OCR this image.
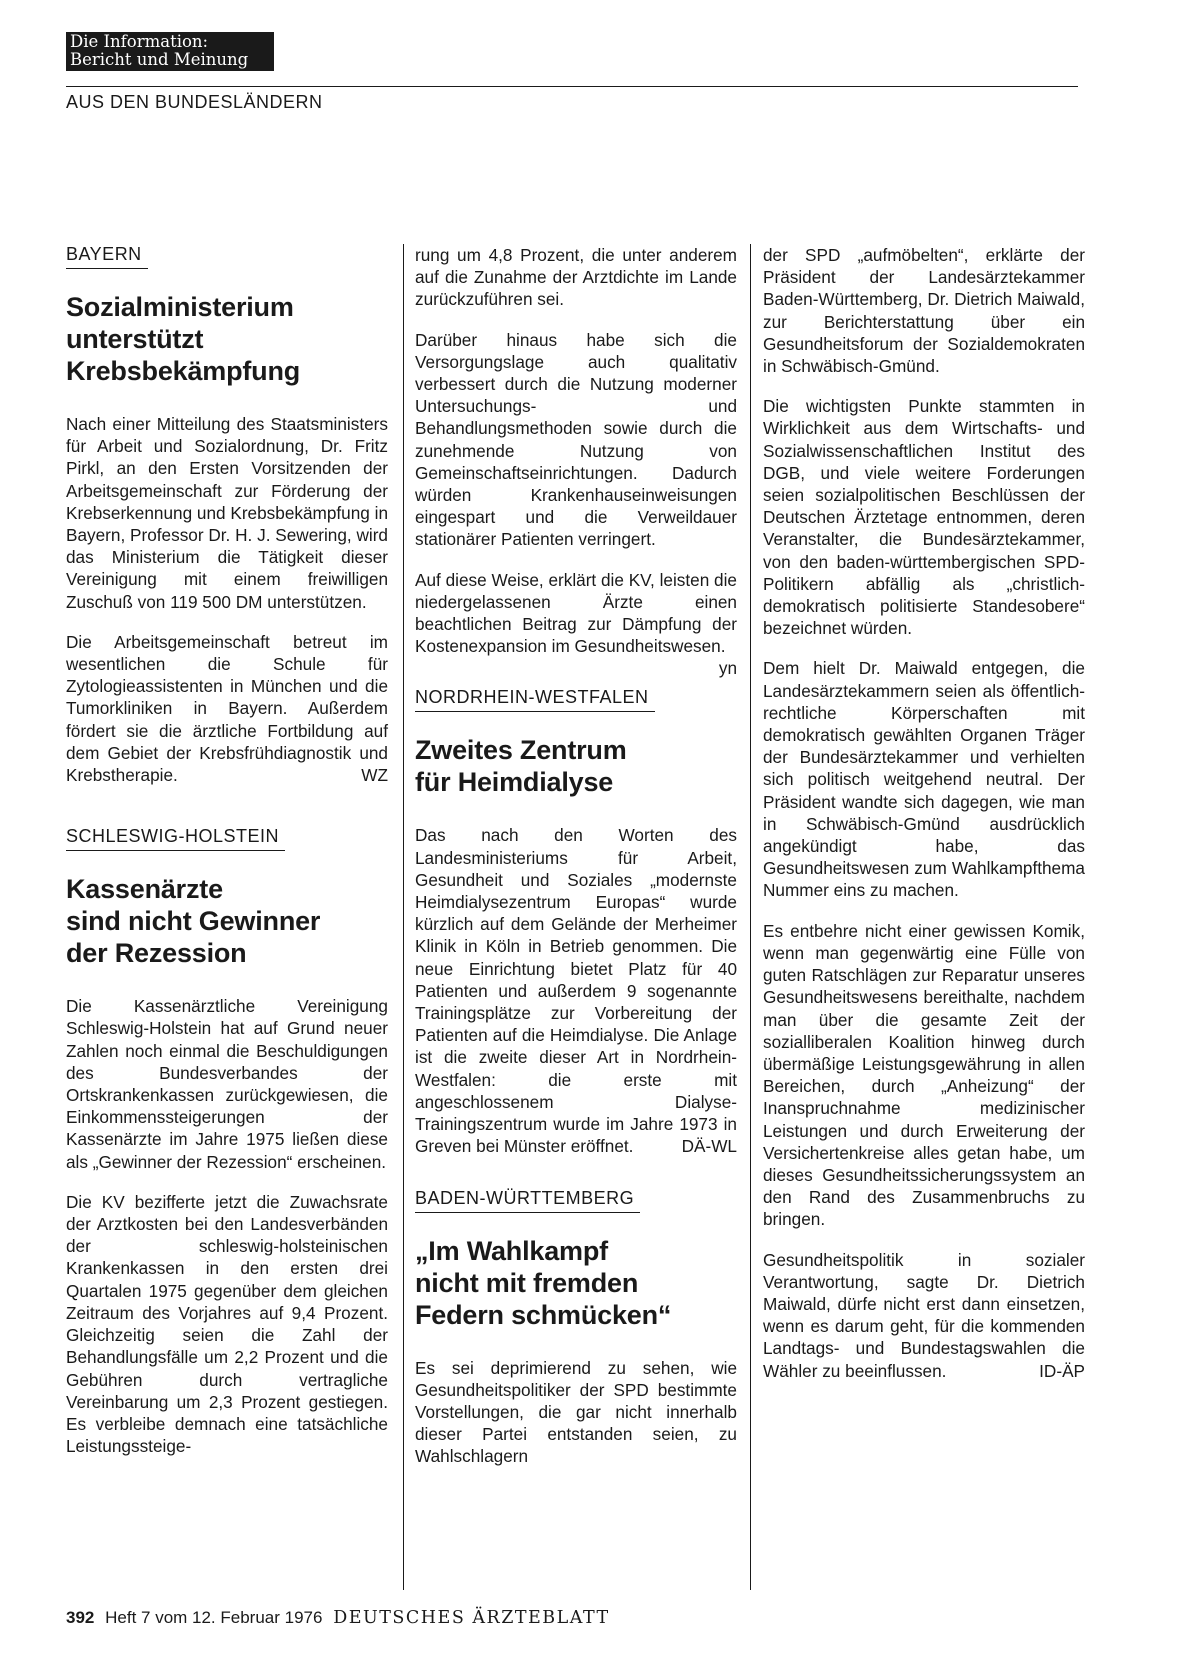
Die Information:
Bericht und Meinung
AUS DEN BUNDESLÄNDERN
BAYERN
Sozialministerium
unterstützt
Krebsbekämpfung

Nach einer Mitteilung des Staatsministers für Arbeit und Sozialordnung, Dr. Fritz Pirkl, an den Ersten Vorsitzenden der Arbeitsgemeinschaft zur Förderung der Krebserkennung und Krebsbekämpfung in Bayern, Professor Dr. H. J. Sewering, wird das Ministerium die Tätigkeit dieser Vereinigung mit einem freiwilligen Zuschuß von 119 500 DM unterstützen.

Die Arbeitsgemeinschaft betreut im wesentlichen die Schule für Zytologieassistenten in München und die Tumorkliniken in Bayern. Außerdem fördert sie die ärztliche Fortbildung auf dem Gebiet der Krebsfrühdiagnostik und Krebstherapie.	WZ

SCHLESWIG-HOLSTEIN
Kassenärzte
sind nicht Gewinner
der Rezession

Die Kassenärztliche Vereinigung Schleswig-Holstein hat auf Grund neuer Zahlen noch einmal die Beschuldigungen des Bundesverbandes der Ortskrankenkassen zurückgewiesen, die Einkommenssteigerungen der Kassenärzte im Jahre 1975 ließen diese als „Gewinner der Rezession“ erscheinen.

Die KV bezifferte jetzt die Zuwachsrate der Arztkosten bei den Landesverbänden der schleswig-holsteinischen Krankenkassen in den ersten drei Quartalen 1975 gegenüber dem gleichen Zeitraum des Vorjahres auf 9,4 Prozent. Gleichzeitig seien die Zahl der Behandlungsfälle um 2,2 Prozent und die Gebühren durch vertragliche Vereinbarung um 2,3 Prozent gestiegen. Es verbleibe demnach eine tatsächliche Leistungssteige-

rung um 4,8 Prozent, die unter anderem auf die Zunahme der Arztdichte im Lande zurückzuführen sei.

Darüber hinaus habe sich die Versorgungslage auch qualitativ verbessert durch die Nutzung moderner Untersuchungs- und Behandlungsmethoden sowie durch die zunehmende Nutzung von Gemeinschaftseinrichtungen. Dadurch würden Krankenhauseinweisungen eingespart und die Verweildauer stationärer Patienten verringert.

Auf diese Weise, erklärt die KV, leisten die niedergelassenen Ärzte einen beachtlichen Beitrag zur Dämpfung der Kostenexpansion im Gesundheitswesen.
yn

NORDRHEIN-WESTFALEN
Zweites Zentrum
für Heimdialyse

Das nach den Worten des Landesministeriums für Arbeit, Gesundheit und Soziales „modernste Heimdialysezentrum Europas“ wurde kürzlich auf dem Gelände der Merheimer Klinik in Köln in Betrieb genommen. Die neue Einrichtung bietet Platz für 40 Patienten und außerdem 9 sogenannte Trainingsplätze zur Vorbereitung der Patienten auf die Heimdialyse. Die Anlage ist die zweite dieser Art in Nordrhein-Westfalen: die erste mit angeschlossenem Dialyse-Trainingszentrum wurde im Jahre 1973 in Greven bei Münster eröffnet.	DÄ-WL

BADEN-WÜRTTEMBERG
„Im Wahlkampf
nicht mit fremden
Federn schmücken“

Es sei deprimierend zu sehen, wie Gesundheitspolitiker der SPD bestimmte Vorstellungen, die gar nicht innerhalb dieser Partei entstanden seien, zu Wahlschlagern

der SPD „aufmöbelten“, erklärte der Präsident der Landesärztekammer Baden-Württemberg, Dr. Dietrich Maiwald, zur Berichterstattung über ein Gesundheitsforum der Sozialdemokraten in Schwäbisch-Gmünd.

Die wichtigsten Punkte stammten in Wirklichkeit aus dem Wirtschafts- und Sozialwissenschaftlichen Institut des DGB, und viele weitere Forderungen seien sozialpolitischen Beschlüssen der Deutschen Ärztetage entnommen, deren Veranstalter, die Bundesärztekammer, von den baden-württembergischen SPD-Politikern abfällig als „christlich-demokratisch politisierte Standesobere“ bezeichnet würden.

Dem hielt Dr. Maiwald entgegen, die Landesärztekammern seien als öffentlich-rechtliche Körperschaften mit demokratisch gewählten Organen Träger der Bundesärztekammer und verhielten sich politisch weitgehend neutral. Der Präsident wandte sich dagegen, wie man in Schwäbisch-Gmünd ausdrücklich angekündigt habe, das Gesundheitswesen zum Wahlkampfthema Nummer eins zu machen.

Es entbehre nicht einer gewissen Komik, wenn man gegenwärtig eine Fülle von guten Ratschlägen zur Reparatur unseres Gesundheitswesens bereithalte, nachdem man über die gesamte Zeit der sozialliberalen Koalition hinweg durch übermäßige Leistungsgewährung in allen Bereichen, durch „Anheizung“ der Inanspruchnahme medizinischer Leistungen und durch Erweiterung der Versichertenkreise alles getan habe, um dieses Gesundheitssicherungssystem an den Rand des Zusammenbruchs zu bringen.

Gesundheitspolitik in sozialer Verantwortung, sagte Dr. Dietrich Maiwald, dürfe nicht erst dann einsetzen, wenn es darum geht, für die kommenden Landtags- und Bundestagswahlen die Wähler zu beeinflussen.	ID-ÄP

392 Heft 7 vom 12. Februar 1976 DEUTSCHES ÄRZTEBLATT
